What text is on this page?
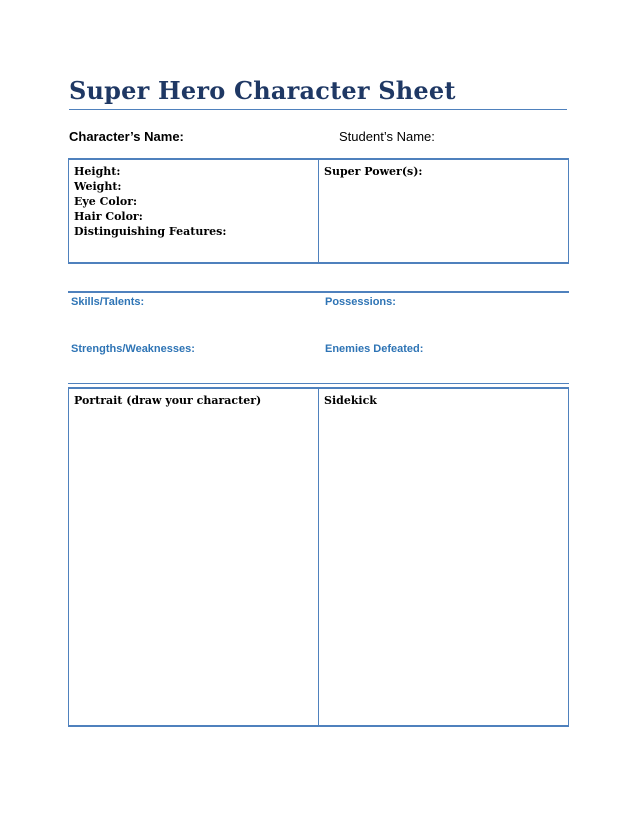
Super Hero Character Sheet
Character’s Name:	Student’s Name:
Height:
Weight:
Eye Color:
Hair Color:
Distinguishing Features:
Super Power(s):
Skills/Talents:	Possessions:
Strengths/Weaknesses:	Enemies Defeated:
Portrait (draw your character)	Sidekick
